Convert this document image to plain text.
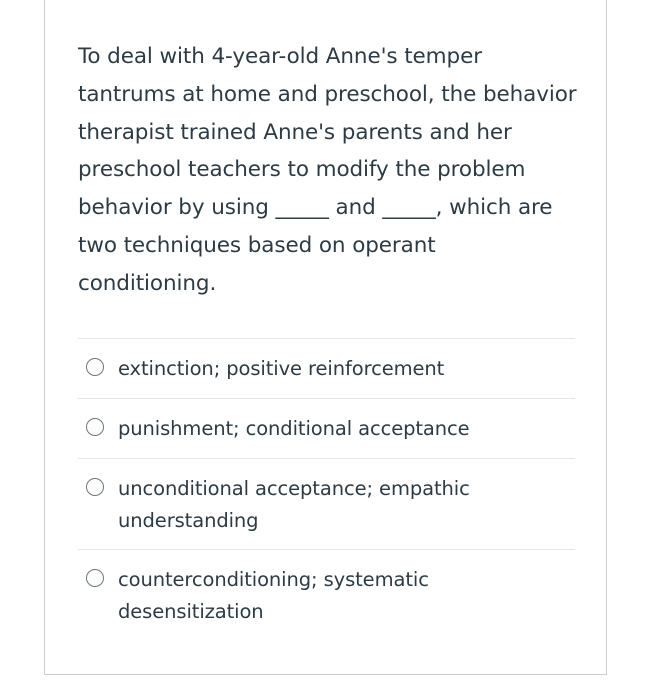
To deal with 4-year-old Anne's temper tantrums at home and preschool, the behavior therapist trained Anne's parents and her preschool teachers to modify the problem behavior by using _____ and _____, which are two techniques based on operant conditioning.
extinction; positive reinforcement
punishment; conditional acceptance
unconditional acceptance; empathic understanding
counterconditioning; systematic desensitization
